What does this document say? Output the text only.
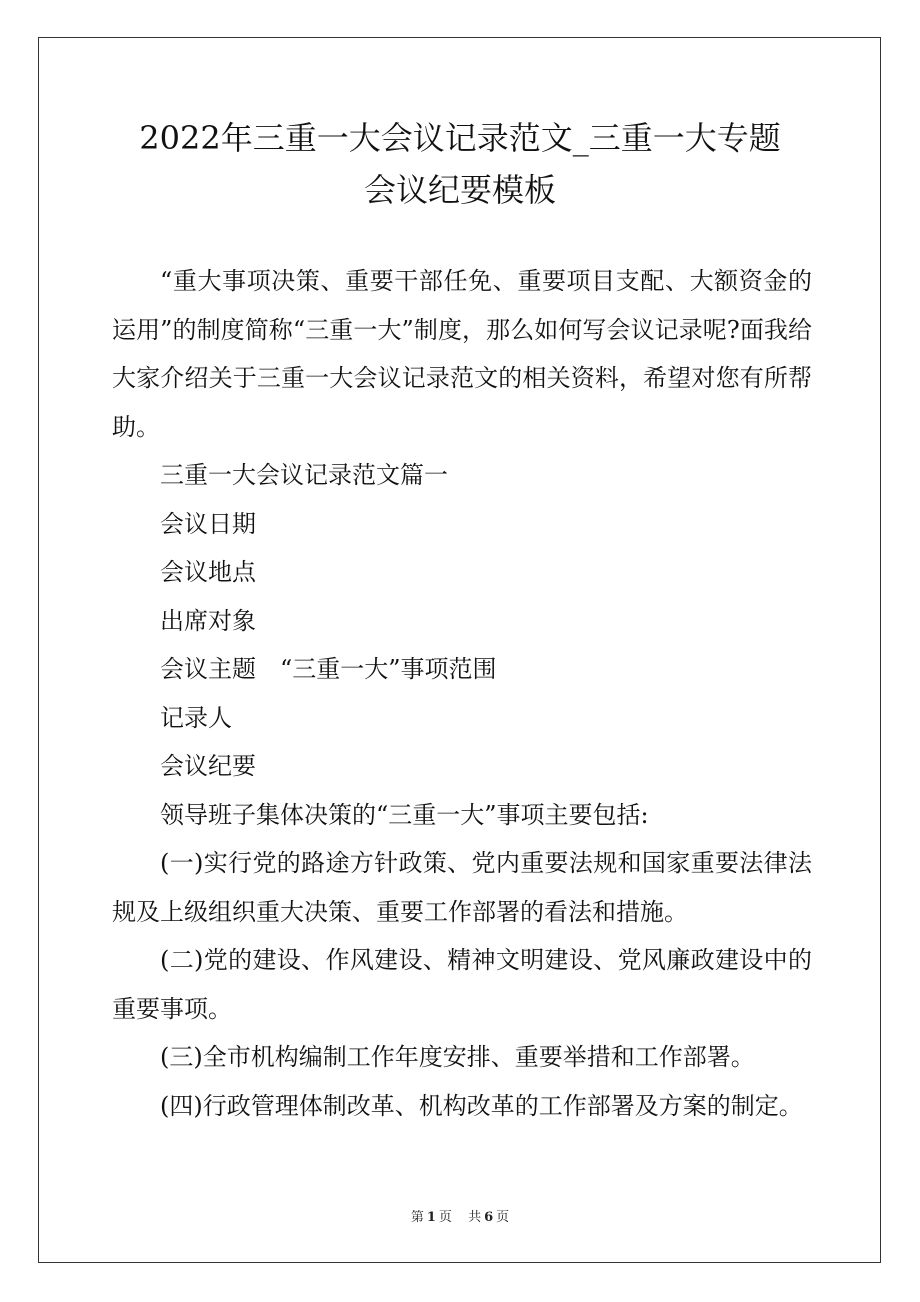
2022年三重一大会议记录范文_三重一大专题
会议纪要模板

“重大事项决策、重要干部任免、重要项目支配、大额资金的运用”的制度简称“三重一大”制度，那么如何写会议记录呢?面我给大家介绍关于三重一大会议记录范文的相关资料，希望对您有所帮助。

三重一大会议记录范文篇一

会议日期

会议地点

出席对象

会议主题　“三重一大”事项范围

记录人

会议纪要

领导班子集体决策的“三重一大”事项主要包括:

(一)实行党的路途方针政策、党内重要法规和国家重要法律法规及上级组织重大决策、重要工作部署的看法和措施。

(二)党的建设、作风建设、精神文明建设、党风廉政建设中的重要事项。

(三)全市机构编制工作年度安排、重要举措和工作部署。

(四)行政管理体制改革、机构改革的工作部署及方案的制定。

第 1 页 共 6 页
